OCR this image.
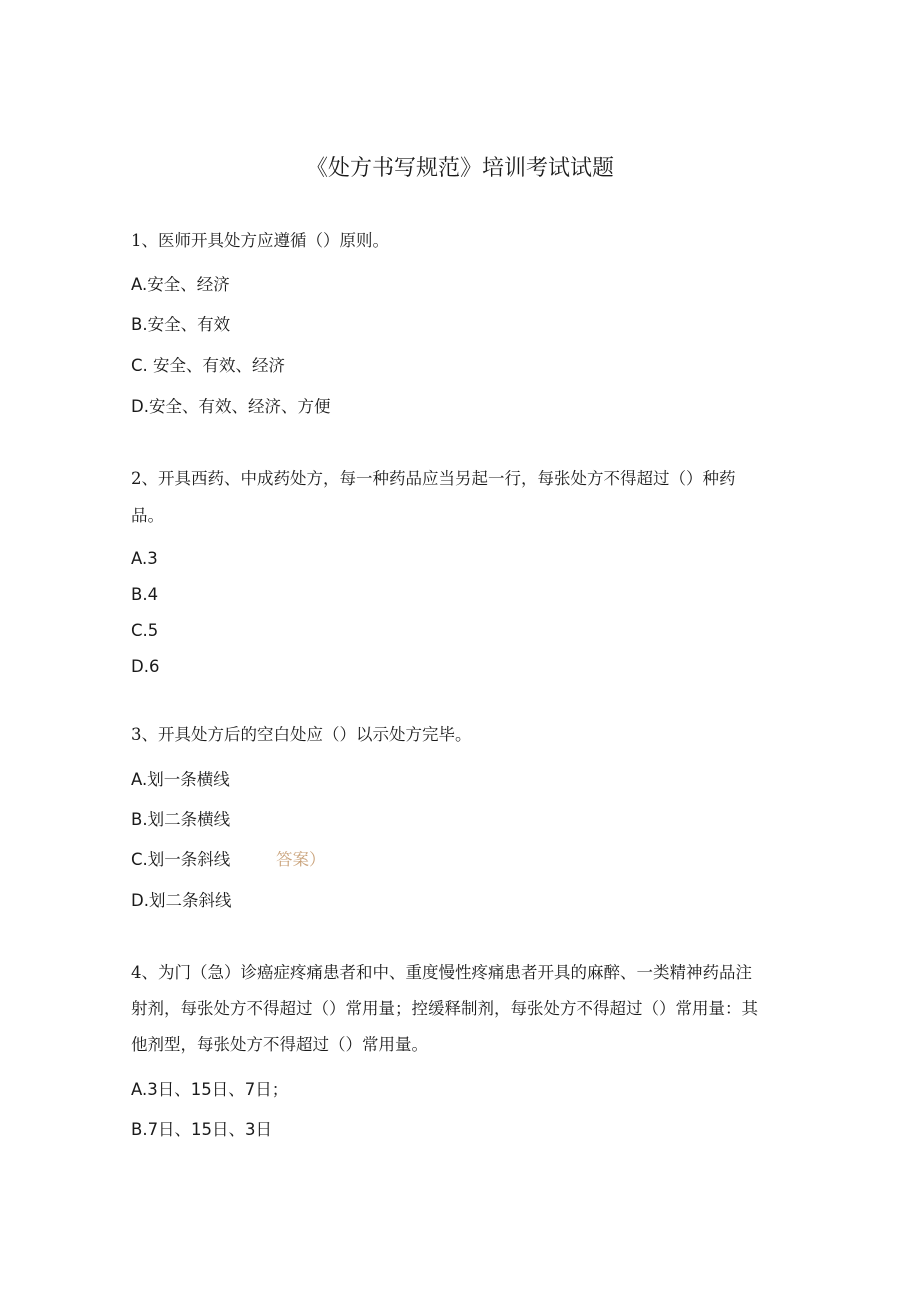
《处方书写规范》培训考试试题
1、医师开具处方应遵循（）原则。
A.安全、经济
B.安全、有效
C. 安全、有效、经济
D.安全、有效、经济、方便
2、开具西药、中成药处方，每一种药品应当另起一行，每张处方不得超过（）种药
品。
A.3
B.4
C.5
D.6
3、开具处方后的空白处应（）以示处方完毕。
A.划一条横线
B.划二条横线
C.划一条斜线	答案）
D.划二条斜线
4、为门（急）诊癌症疼痛患者和中、重度慢性疼痛患者开具的麻醉、一类精神药品注
射剂，每张处方不得超过（）常用量；控缓释制剂，每张处方不得超过（）常用量：其
他剂型，每张处方不得超过（）常用量。
A.3日、15日、7日；
B.7日、15日、3日
